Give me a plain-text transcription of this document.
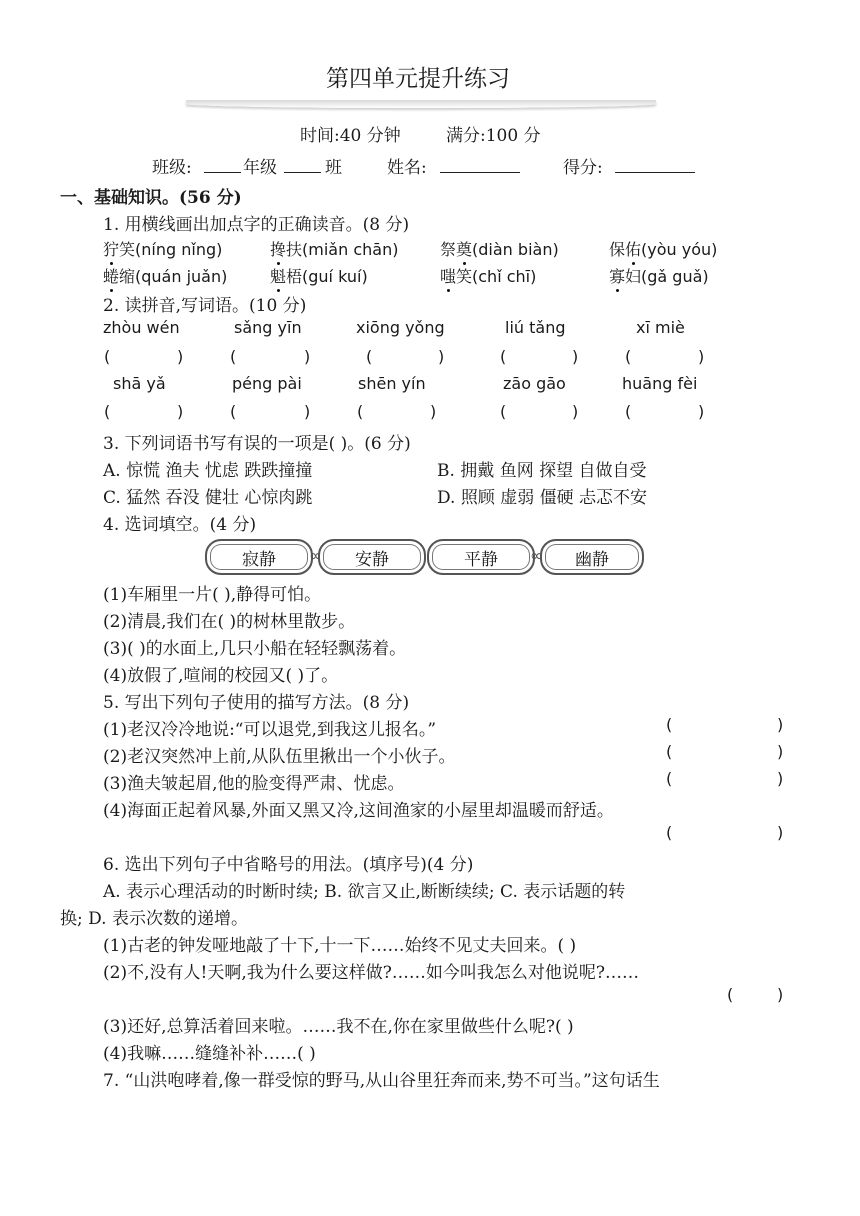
第四单元提升练习
时间:40 分钟	满分:100 分
班级:	年级	班	姓名:	得分:
一、基础知识。(56 分)
1. 用横线画出加点字的正确读音。(8 分)
狞笑(níng nǐng)	搀扶(miǎn chān)	祭奠(diàn biàn)	保佑(yòu yóu)
蜷缩(quán juǎn)	魁梧(guí kuí)	嗤笑(chǐ chī)	寡妇(gǎ guǎ)
2. 读拼音,写词语。(10 分)
zhòu wén	sǎng yīn	xiōng yǒng	liú tǎng	xī miè
(	)	(	)	(	)	(	)	(	)
shā yǎ	péng pài	shēn yín	zāo gāo	huāng fèi
(	)	(	)	(	)	(	)	(	)
3. 下列词语书写有误的一项是( )。(6 分)
A. 惊慌 渔夫 忧虑 跌跌撞撞	B. 拥戴 鱼网 探望 自做自受
C. 猛然 吞没 健壮 心惊肉跳	D. 照顾 虚弱 僵硬 忐忑不安
4. 选词填空。(4 分)
寂静	∞	安静	平静	∞	幽静
(1)车厢里一片( ),静得可怕。
(2)清晨,我们在( )的树林里散步。
(3)( )的水面上,几只小船在轻轻飘荡着。
(4)放假了,喧闹的校园又( )了。
5. 写出下列句子使用的描写方法。(8 分)
(1)老汉冷冷地说:“可以退党,到我这儿报名。”	(	)
(2)老汉突然冲上前,从队伍里揪出一个小伙子。	(	)
(3)渔夫皱起眉,他的脸变得严肃、忧虑。	(	)
(4)海面正起着风暴,外面又黑又冷,这间渔家的小屋里却温暖而舒适。
(	)
6. 选出下列句子中省略号的用法。(填序号)(4 分)
A. 表示心理活动的时断时续; B. 欲言又止,断断续续; C. 表示话题的转
换; D. 表示次数的递增。
(1)古老的钟发哑地敲了十下,十一下……始终不见丈夫回来。( )
(2)不,没有人!天啊,我为什么要这样做?……如今叫我怎么对他说呢?……
(	)
(3)还好,总算活着回来啦。……我不在,你在家里做些什么呢?( )
(4)我嘛……缝缝补补……( )
7. “山洪咆哮着,像一群受惊的野马,从山谷里狂奔而来,势不可当。”这句话生
